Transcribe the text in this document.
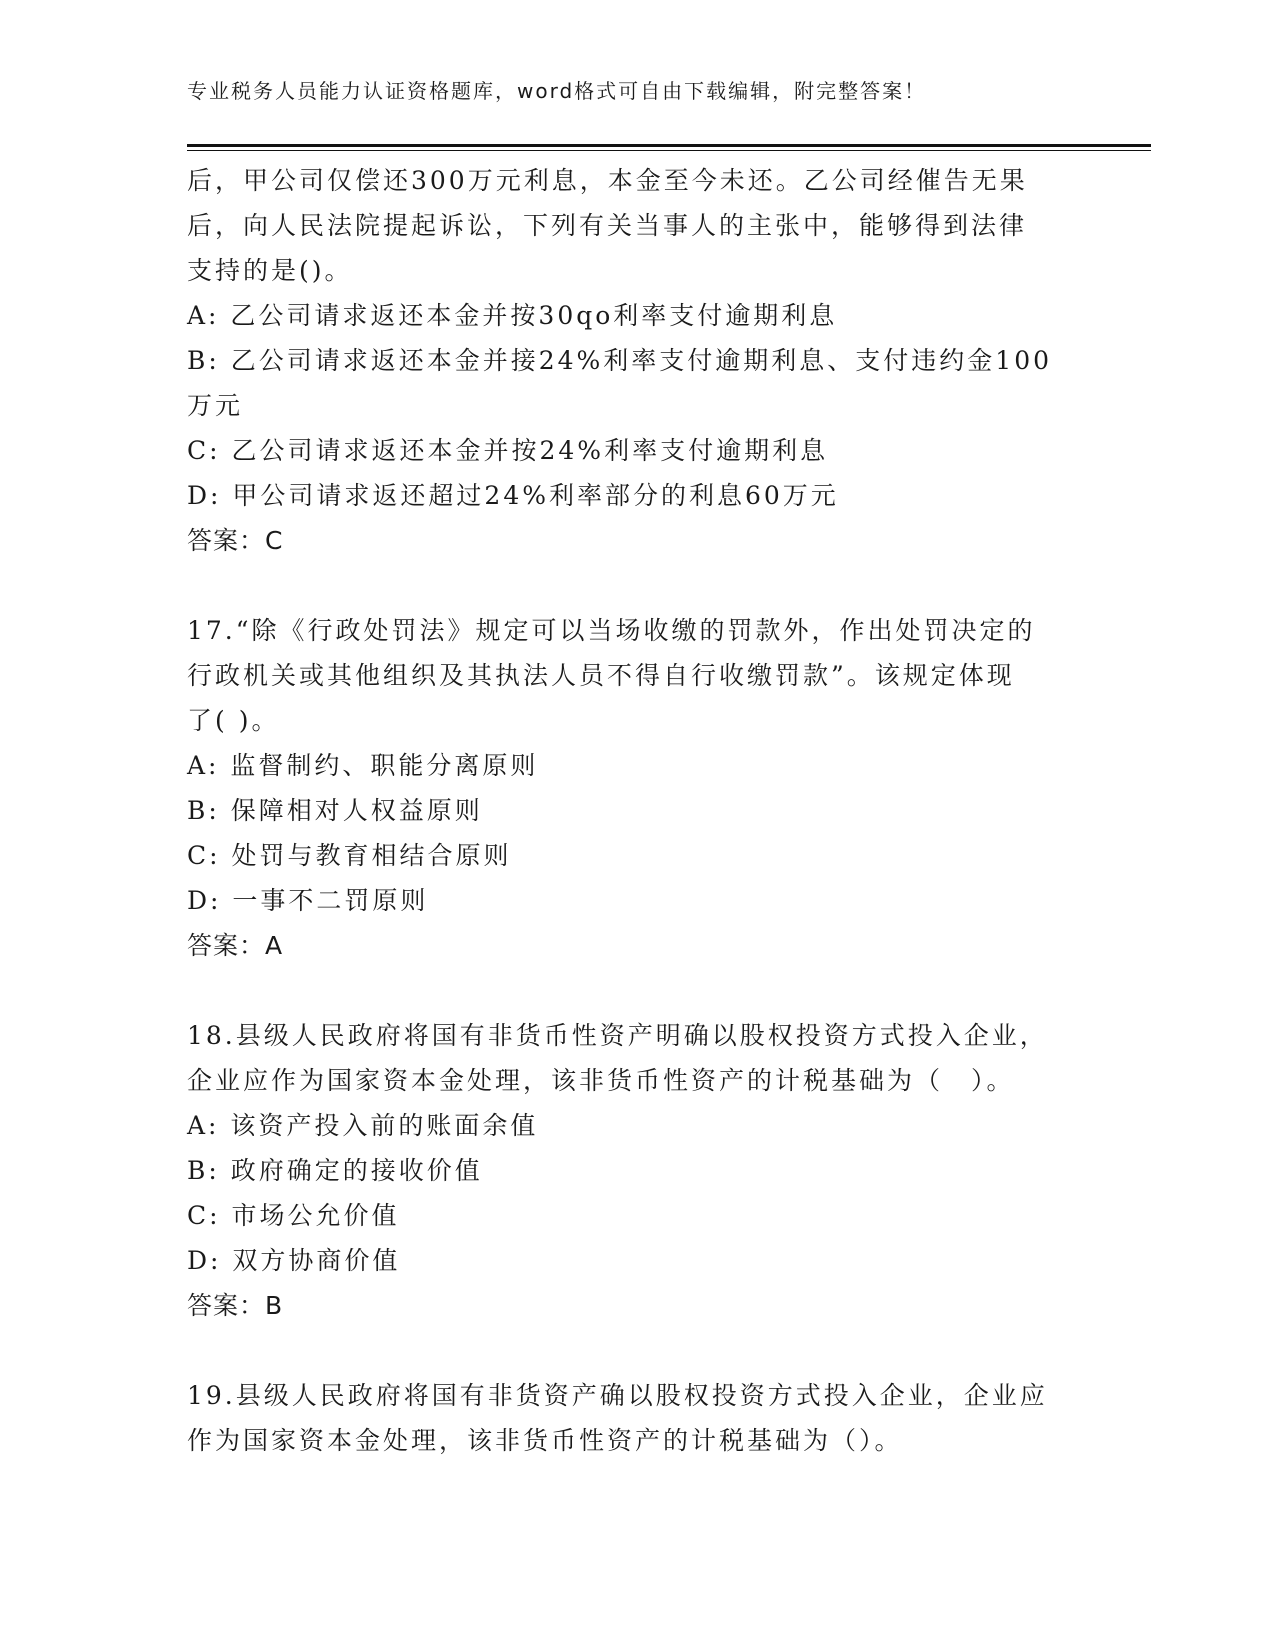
专业税务人员能力认证资格题库，word格式可自由下载编辑，附完整答案！
后，甲公司仅偿还300万元利息，本金至今未还。乙公司经催告无果
后，向人民法院提起诉讼，下列有关当事人的主张中，能够得到法律
支持的是()。
A: 乙公司请求返还本金并按30qo利率支付逾期利息
B: 乙公司请求返还本金并接24%利率支付逾期利息、支付违约金100
万元
C: 乙公司请求返还本金并按24%利率支付逾期利息
D: 甲公司请求返还超过24%利率部分的利息60万元
答案：C
17.“除《行政处罚法》规定可以当场收缴的罚款外，作出处罚决定的
行政机关或其他组织及其执法人员不得自行收缴罚款”。该规定体现
了( )。
A: 监督制约、职能分离原则
B: 保障相对人权益原则
C: 处罚与教育相结合原则
D: 一事不二罚原则
答案：A
18.县级人民政府将国有非货币性资产明确以股权投资方式投入企业，
企业应作为国家资本金处理，该非货币性资产的计税基础为（　）。
A: 该资产投入前的账面余值
B: 政府确定的接收价值
C: 市场公允价值
D: 双方协商价值
答案：B
19.县级人民政府将国有非货资产确以股权投资方式投入企业，企业应
作为国家资本金处理，该非货币性资产的计税基础为（）。
